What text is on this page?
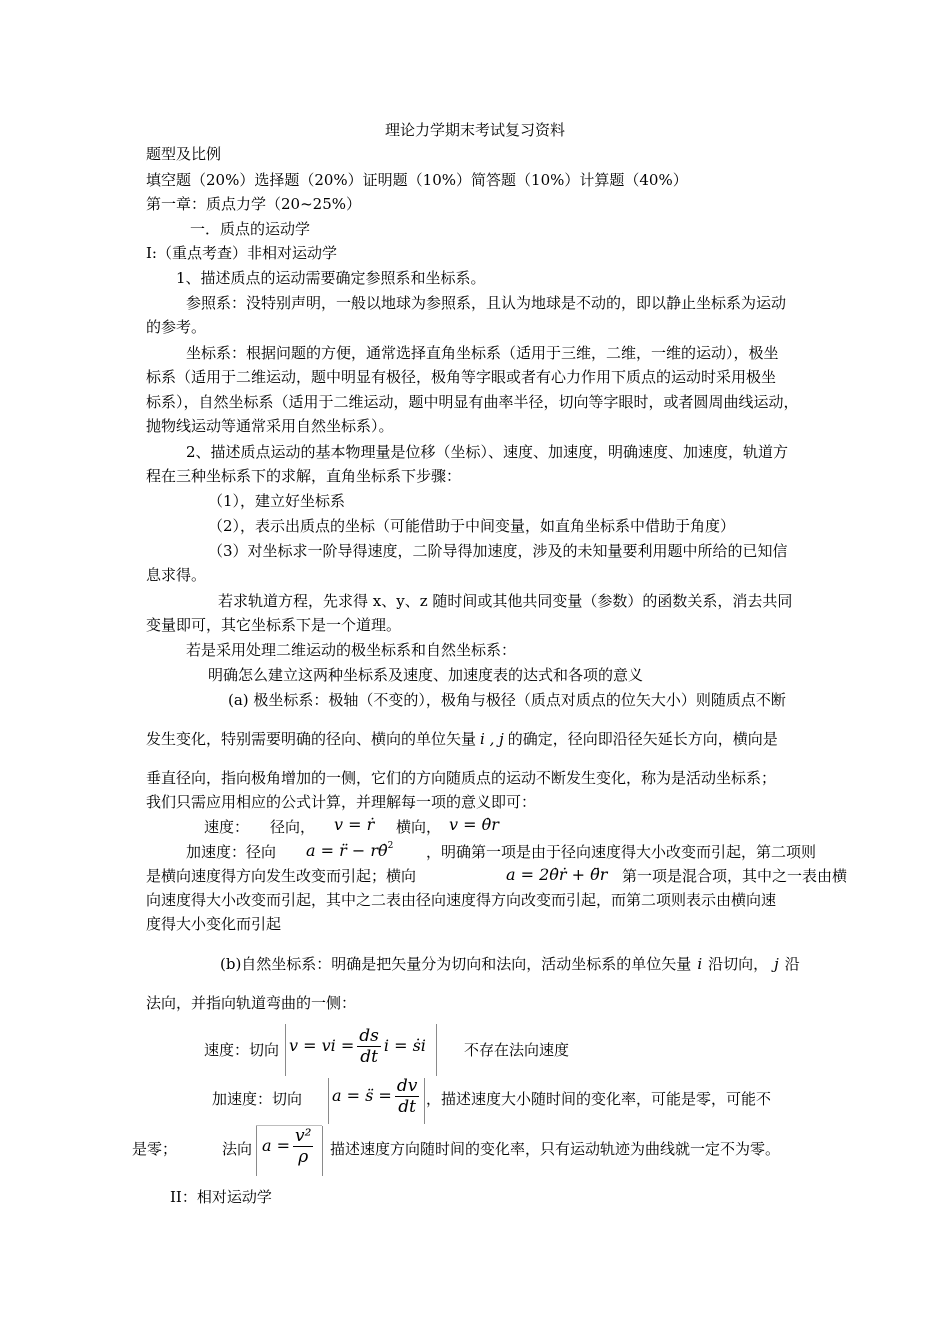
理论力学期末考试复习资料
题型及比例
填空题（20%）选择题（20%）证明题（10%）简答题（10%）计算题（40%）
第一章：质点力学（20~25%）
一．质点的运动学
I:（重点考查）非相对运动学
1、描述质点的运动需要确定参照系和坐标系。
参照系：没特别声明，一般以地球为参照系，且认为地球是不动的，即以静止坐标系为运动
的参考。
坐标系：根据问题的方便，通常选择直角坐标系（适用于三维，二维，一维的运动），极坐
标系（适用于二维运动，题中明显有极径，极角等字眼或者有心力作用下质点的运动时采用极坐
标系），自然坐标系（适用于二维运动，题中明显有曲率半径，切向等字眼时，或者圆周曲线运动，
抛物线运动等通常采用自然坐标系）。
2、描述质点运动的基本物理量是位移（坐标）、速度、加速度，明确速度、加速度，轨道方
程在三种坐标系下的求解，直角坐标系下步骤：
（1），建立好坐标系
（2），表示出质点的坐标（可能借助于中间变量，如直角坐标系中借助于角度）
（3）对坐标求一阶导得速度，二阶导得加速度，涉及的未知量要利用题中所给的已知信
息求得。
若求轨道方程，先求得 x、y、z 随时间或其他共同变量（参数）的函数关系，消去共同
变量即可，其它坐标系下是一个道理。
若是采用处理二维运动的极坐标系和自然坐标系：
明确怎么建立这两种坐标系及速度、加速度表的达式和各项的意义
(a) 极坐标系：极轴（不变的），极角与极径（质点对质点的位矢大小）则随质点不断
发生变化，特别需要明确的径向、横向的单位矢量 i , j 的确定，径向即沿径矢延长方向，横向是
垂直径向，指向极角增加的一侧，它们的方向随质点的运动不断发生变化，称为是活动坐标系；
我们只需应用相应的公式计算，并理解每一项的意义即可：
速度： 径向， v = ṙ 横向， v = θ̇r
加速度：径向 a = r̈ − rθ̇$^2$ ，明确第一项是由于径向速度得大小改变而引起，第二项则
是横向速度得方向发生改变而引起；横向	a = 2θ̇ṙ + θ̈r 第一项是混合项，其中之一表由横
向速度得大小改变而引起，其中之二表由径向速度得方向改变而引起，而第二项则表示由横向速
度得大小变化而引起
(b)自然坐标系：明确是把矢量分为切向和法向，活动坐标系的单位矢量 i 沿切向， j 沿
法向，并指向轨道弯曲的一侧：
速度：切向 v = vi = $\frac{ds}{dt}$ i = ṡi	不存在法向速度
加速度：切向 a = s̈ = $\frac{dv}{dt}$ ，描述速度大小随时间的变化率，可能是零，可能不
是零；	法向 $a = \frac{\text{v²}}{\rho}$ 描述速度方向随时间的变化率，只有运动轨迹为曲线就一定不为零。
II：相对运动学
